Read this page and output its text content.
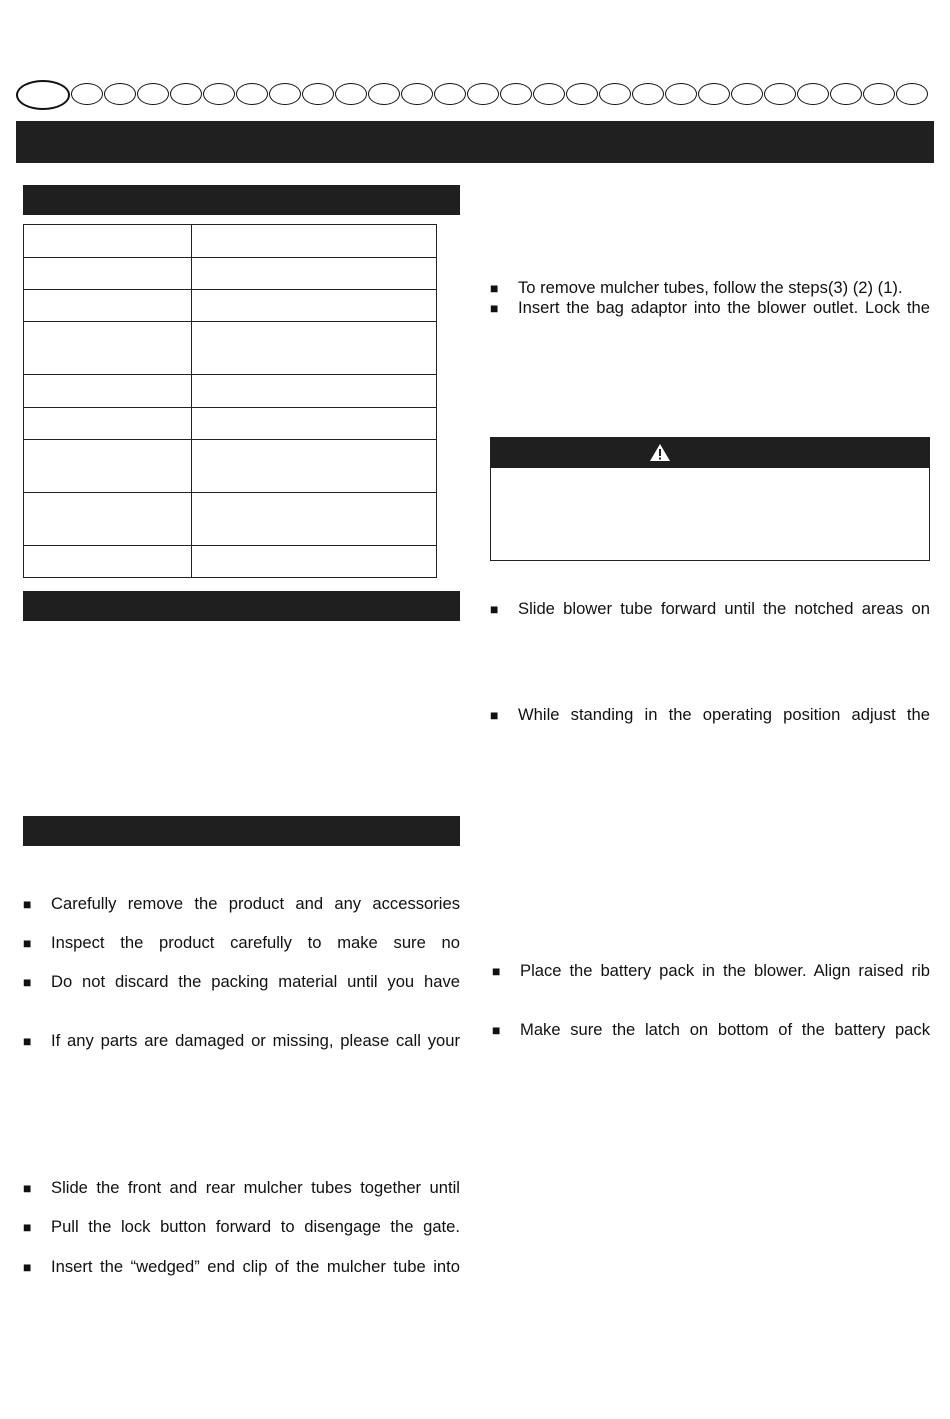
■ Carefully remove the product and any accessories
■ Inspect the product carefully to make sure no
■ Do not discard the packing material until you have
■ If any parts are damaged or missing, please call your
■ Slide the front and rear mulcher tubes together until
■ Pull the lock button forward to disengage the gate.
■ Insert the “wedged” end clip of the mulcher tube into
■ To remove mulcher tubes, follow the steps(3) (2) (1).
■ Insert the bag adaptor into the blower outlet. Lock the
■ Slide blower tube forward until the notched areas on
■ While standing in the operating position adjust the
■ Place the battery pack in the blower. Align raised rib
■ Make sure the latch on bottom of the battery pack
